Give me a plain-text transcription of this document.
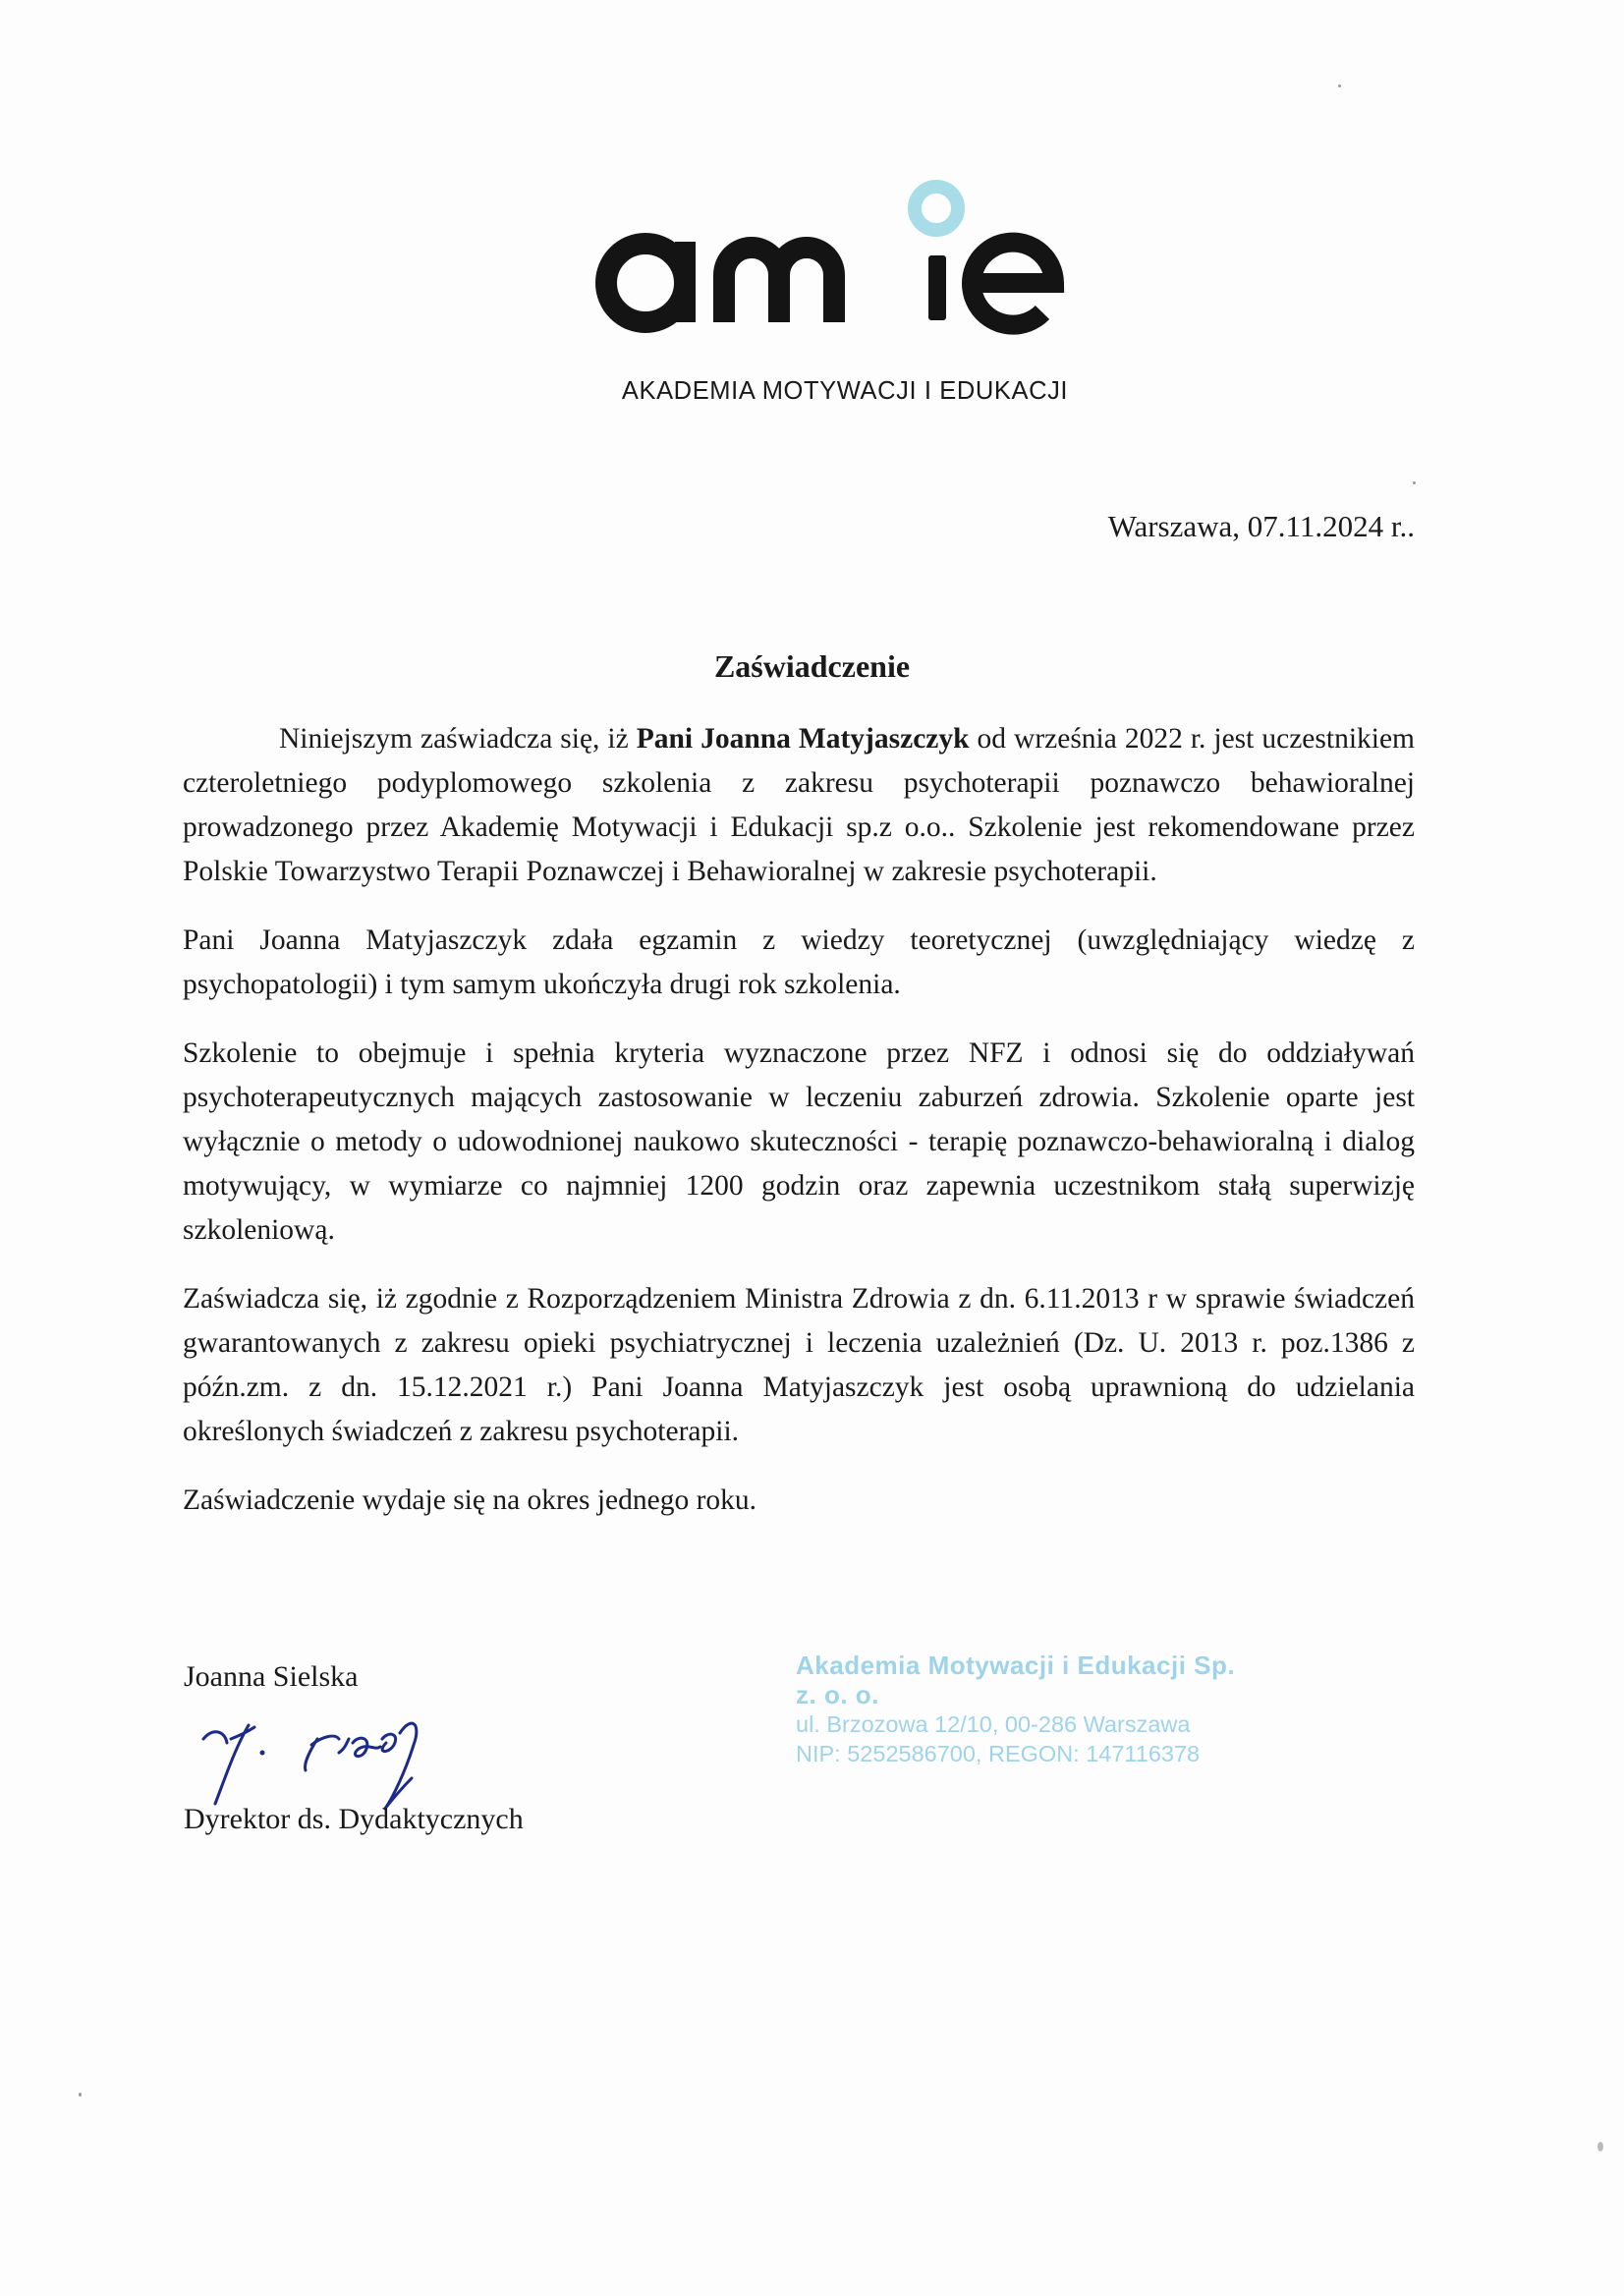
AKADEMIA MOTYWACJI I EDUKACJI
Warszawa, 07.11.2024 r..
Zaświadczenie

Niniejszym zaświadcza się, iż Pani Joanna Matyjaszczyk od września 2022 r. jest uczestnikiem czteroletniego podyplomowego szkolenia z zakresu psychoterapii poznawczo behawioralnej prowadzonego przez Akademię Motywacji i Edukacji sp.z o.o.. Szkolenie jest rekomendowane przez Polskie Towarzystwo Terapii Poznawczej i Behawioralnej w zakresie psychoterapii.

Pani Joanna Matyjaszczyk zdała egzamin z wiedzy teoretycznej (uwzględniający wiedzę z psychopatologii) i tym samym ukończyła drugi rok szkolenia.

Szkolenie to obejmuje i spełnia kryteria wyznaczone przez NFZ i odnosi się do oddziaływań psychoterapeutycznych mających zastosowanie w leczeniu zaburzeń zdrowia. Szkolenie oparte jest wyłącznie o metody o udowodnionej naukowo skuteczności - terapię poznawczo-behawioralną i dialog motywujący, w wymiarze co najmniej 1200 godzin oraz zapewnia uczestnikom stałą superwizję szkoleniową.

Zaświadcza się, iż zgodnie z Rozporządzeniem Ministra Zdrowia z dn. 6.11.2013 r w sprawie świadczeń gwarantowanych z zakresu opieki psychiatrycznej i leczenia uzależnień (Dz. U. 2013 r. poz.1386 z późn.zm. z dn. 15.12.2021 r.) Pani Joanna Matyjaszczyk jest osobą uprawnioną do udzielania określonych świadczeń z zakresu psychoterapii.

Zaświadczenie wydaje się na okres jednego roku.

Joanna Sielska
Dyrektor ds. Dydaktycznych
Akademia Motywacji i Edukacji Sp. z. o. o.
ul. Brzozowa 12/10, 00-286 Warszawa
NIP: 5252586700, REGON: 147116378
